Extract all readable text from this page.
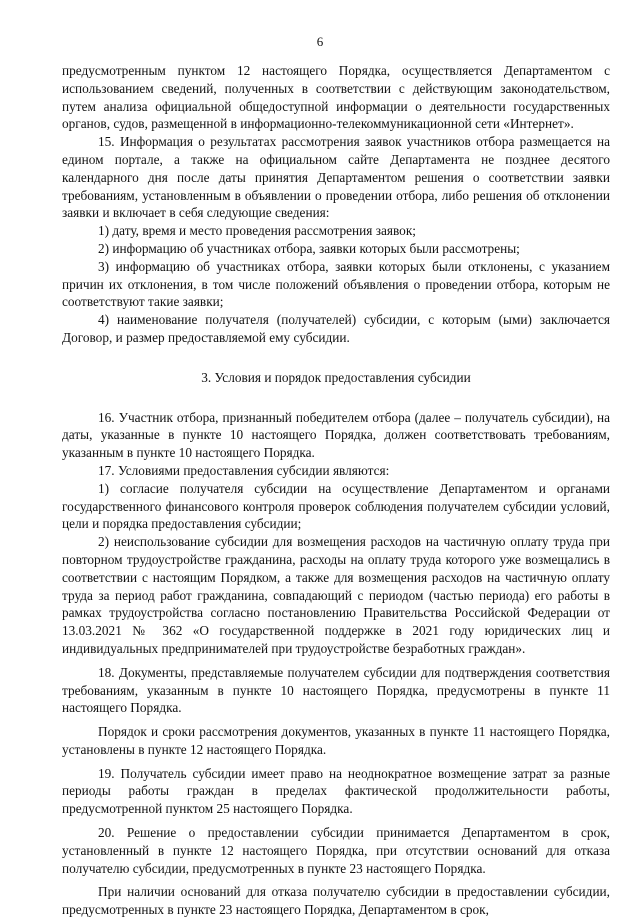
6

предусмотренным пунктом 12 настоящего Порядка, осуществляется Департаментом с использованием сведений, полученных в соответствии с действующим законодательством, путем анализа официальной общедоступной информации о деятельности государственных органов, судов, размещенной в информационно-телекоммуникационной сети «Интернет».

15. Информация о результатах рассмотрения заявок участников отбора размещается на едином портале, а также на официальном сайте Департамента не позднее десятого календарного дня после даты принятия Департаментом решения о соответствии заявки требованиям, установленным в объявлении о проведении отбора, либо решения об отклонении заявки и включает в себя следующие сведения:

1) дату, время и место проведения рассмотрения заявок;

2) информацию об участниках отбора, заявки которых были рассмотрены;

3) информацию об участниках отбора, заявки которых были отклонены, с указанием причин их отклонения, в том числе положений объявления о проведении отбора, которым не соответствуют такие заявки;

4) наименование получателя (получателей) субсидии, с которым (ыми) заключается Договор, и размер предоставляемой ему субсидии.

3. Условия и порядок предоставления субсидии

16. Участник отбора, признанный победителем отбора (далее – получатель субсидии), на даты, указанные в пункте 10 настоящего Порядка, должен соответствовать требованиям, указанным в пункте 10 настоящего Порядка.

17. Условиями предоставления субсидии являются:

1) согласие получателя субсидии на осуществление Департаментом и органами государственного финансового контроля проверок соблюдения получателем субсидии условий, цели и порядка предоставления субсидии;

2) неиспользование субсидии для возмещения расходов на частичную оплату труда при повторном трудоустройстве гражданина, расходы на оплату труда которого уже возмещались в соответствии с настоящим Порядком, а также для возмещения расходов на частичную оплату труда за период работ гражданина, совпадающий с периодом (частью периода) его работы в рамках трудоустройства согласно постановлению Правительства Российской Федерации от 13.03.2021 № 362 «О государственной поддержке в 2021 году юридических лиц и индивидуальных предпринимателей при трудоустройстве безработных граждан».

18. Документы, представляемые получателем субсидии для подтверждения соответствия требованиям, указанным в пункте 10 настоящего Порядка, предусмотрены в пункте 11 настоящего Порядка.

Порядок и сроки рассмотрения документов, указанных в пункте 11 настоящего Порядка, установлены в пункте 12 настоящего Порядка.

19. Получатель субсидии имеет право на неоднократное возмещение затрат за разные периоды работы граждан в пределах фактической продолжительности работы, предусмотренной пунктом 25 настоящего Порядка.

20. Решение о предоставлении субсидии принимается Департаментом в срок, установленный в пункте 12 настоящего Порядка, при отсутствии оснований для отказа получателю субсидии, предусмотренных в пункте 23 настоящего Порядка.

При наличии оснований для отказа получателю субсидии в предоставлении субсидии, предусмотренных в пункте 23 настоящего Порядка, Департаментом в срок,
